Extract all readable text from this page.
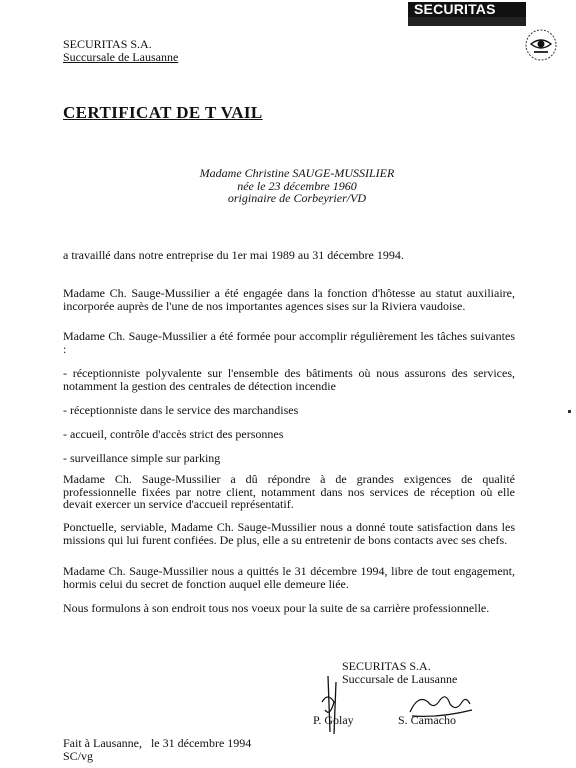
SECURITAS
SECURITAS S.A.
Succursale de Lausanne
CERTIFICAT DE T VAIL
Madame Christine SAUGE-MUSSILIER
née le 23 décembre 1960
originaire de Corbeyrier/VD
a travaillé dans notre entreprise du 1er mai 1989 au 31 décembre 1994.
Madame Ch. Sauge-Mussilier a été engagée dans la fonction d'hôtesse au statut auxiliaire, incorporée auprès de l'une de nos importantes agences sises sur la Riviera vaudoise.
Madame Ch. Sauge-Mussilier a été formée pour accomplir régulièrement les tâches suivantes :
- réceptionniste polyvalente sur l'ensemble des bâtiments où nous assurons des services, notamment la gestion des centrales de détection incendie
- réceptionniste dans le service des marchandises
- accueil, contrôle d'accès strict des personnes
- surveillance simple sur parking
Madame Ch. Sauge-Mussilier a dû répondre à de grandes exigences de qualité professionnelle fixées par notre client, notamment dans nos services de réception où elle devait exercer un service d'accueil représentatif.
Ponctuelle, serviable, Madame Ch. Sauge-Mussilier nous a donné toute satisfaction dans les missions qui lui furent confiées. De plus, elle a su entretenir de bons contacts avec ses chefs.
Madame Ch. Sauge-Mussilier nous a quittés le 31 décembre 1994, libre de tout engagement, hormis celui du secret de fonction auquel elle demeure liée.
Nous formulons à son endroit tous nos voeux pour la suite de sa carrière professionnelle.
SECURITAS S.A.
Succursale de Lausanne
P. Golay	S. Camacho
Fait à Lausanne,   le 31 décembre 1994
SC/vg
